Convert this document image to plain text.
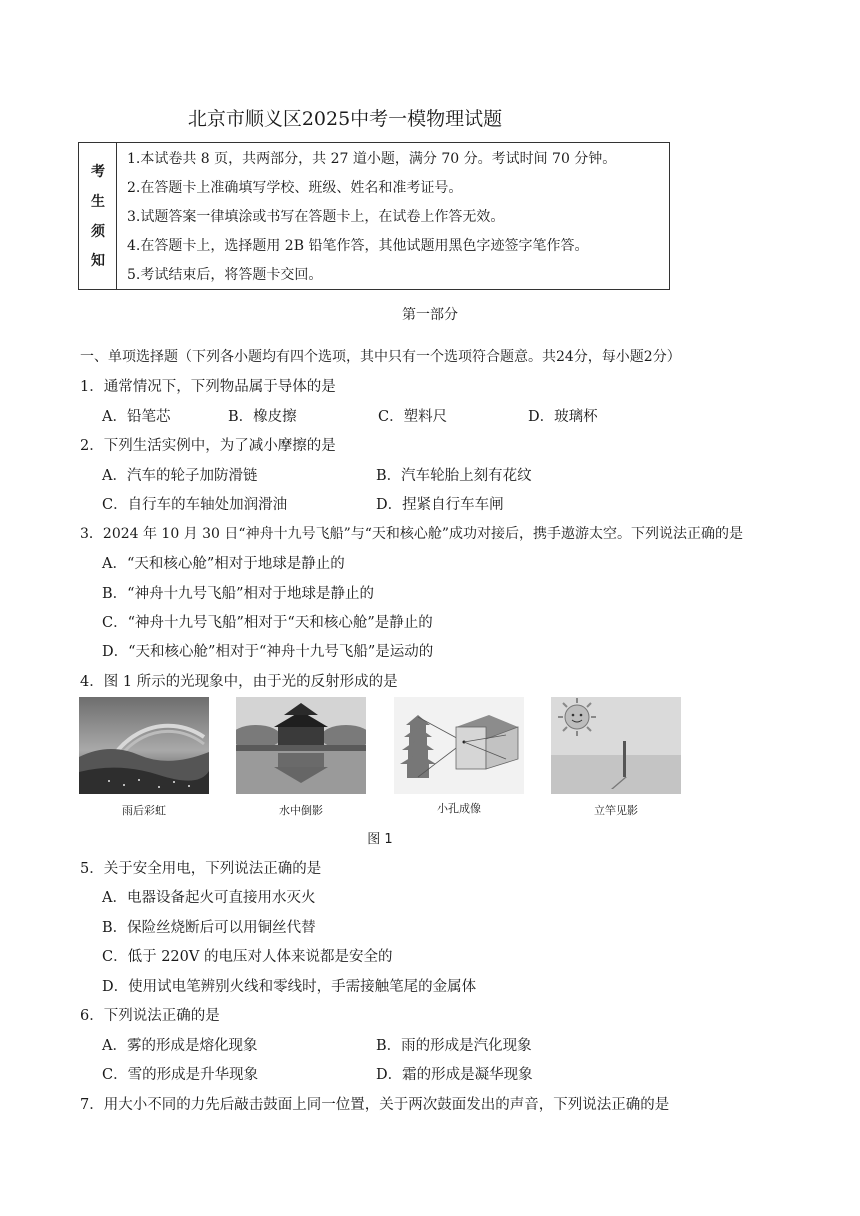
北京市顺义区2025中考一模物理试题
考
生
须
知
1.本试卷共 8 页，共两部分，共 27 道小题，满分 70 分。考试时间 70 分钟。
2.在答题卡上准确填写学校、班级、姓名和准考证号。
3.试题答案一律填涂或书写在答题卡上，在试卷上作答无效。
4.在答题卡上，选择题用 2B 铅笔作答，其他试题用黑色字迹签字笔作答。
5.考试结束后，将答题卡交回。
第一部分
一、单项选择题（下列各小题均有四个选项，其中只有一个选项符合题意。共24分，每小题2分）
1．通常情况下，下列物品属于导体的是
A．铅笔芯	B．橡皮擦	C．塑料尺	D．玻璃杯
2．下列生活实例中，为了减小摩擦的是
A．汽车的轮子加防滑链	B．汽车轮胎上刻有花纹
C．自行车的车轴处加润滑油	D．捏紧自行车车闸
3．2024 年 10 月 30 日“神舟十九号飞船”与“天和核心舱”成功对接后，携手遨游太空。下列说法正确的是
A．“天和核心舱”相对于地球是静止的
B．“神舟十九号飞船”相对于地球是静止的
C．“神舟十九号飞船”相对于“天和核心舱”是静止的
D．“天和核心舱”相对于“神舟十九号飞船”是运动的
4．图 1 所示的光现象中，由于光的反射形成的是
雨后彩虹	水中倒影	小孔成像	立竿见影
图 1
5．关于安全用电，下列说法正确的是
A．电器设备起火可直接用水灭火
B．保险丝烧断后可以用铜丝代替
C．低于 220V 的电压对人体来说都是安全的
D．使用试电笔辨别火线和零线时，手需接触笔尾的金属体
6．下列说法正确的是
A．雾的形成是熔化现象	B．雨的形成是汽化现象
C．雪的形成是升华现象	D．霜的形成是凝华现象
7．用大小不同的力先后敲击鼓面上同一位置，关于两次鼓面发出的声音，下列说法正确的是
